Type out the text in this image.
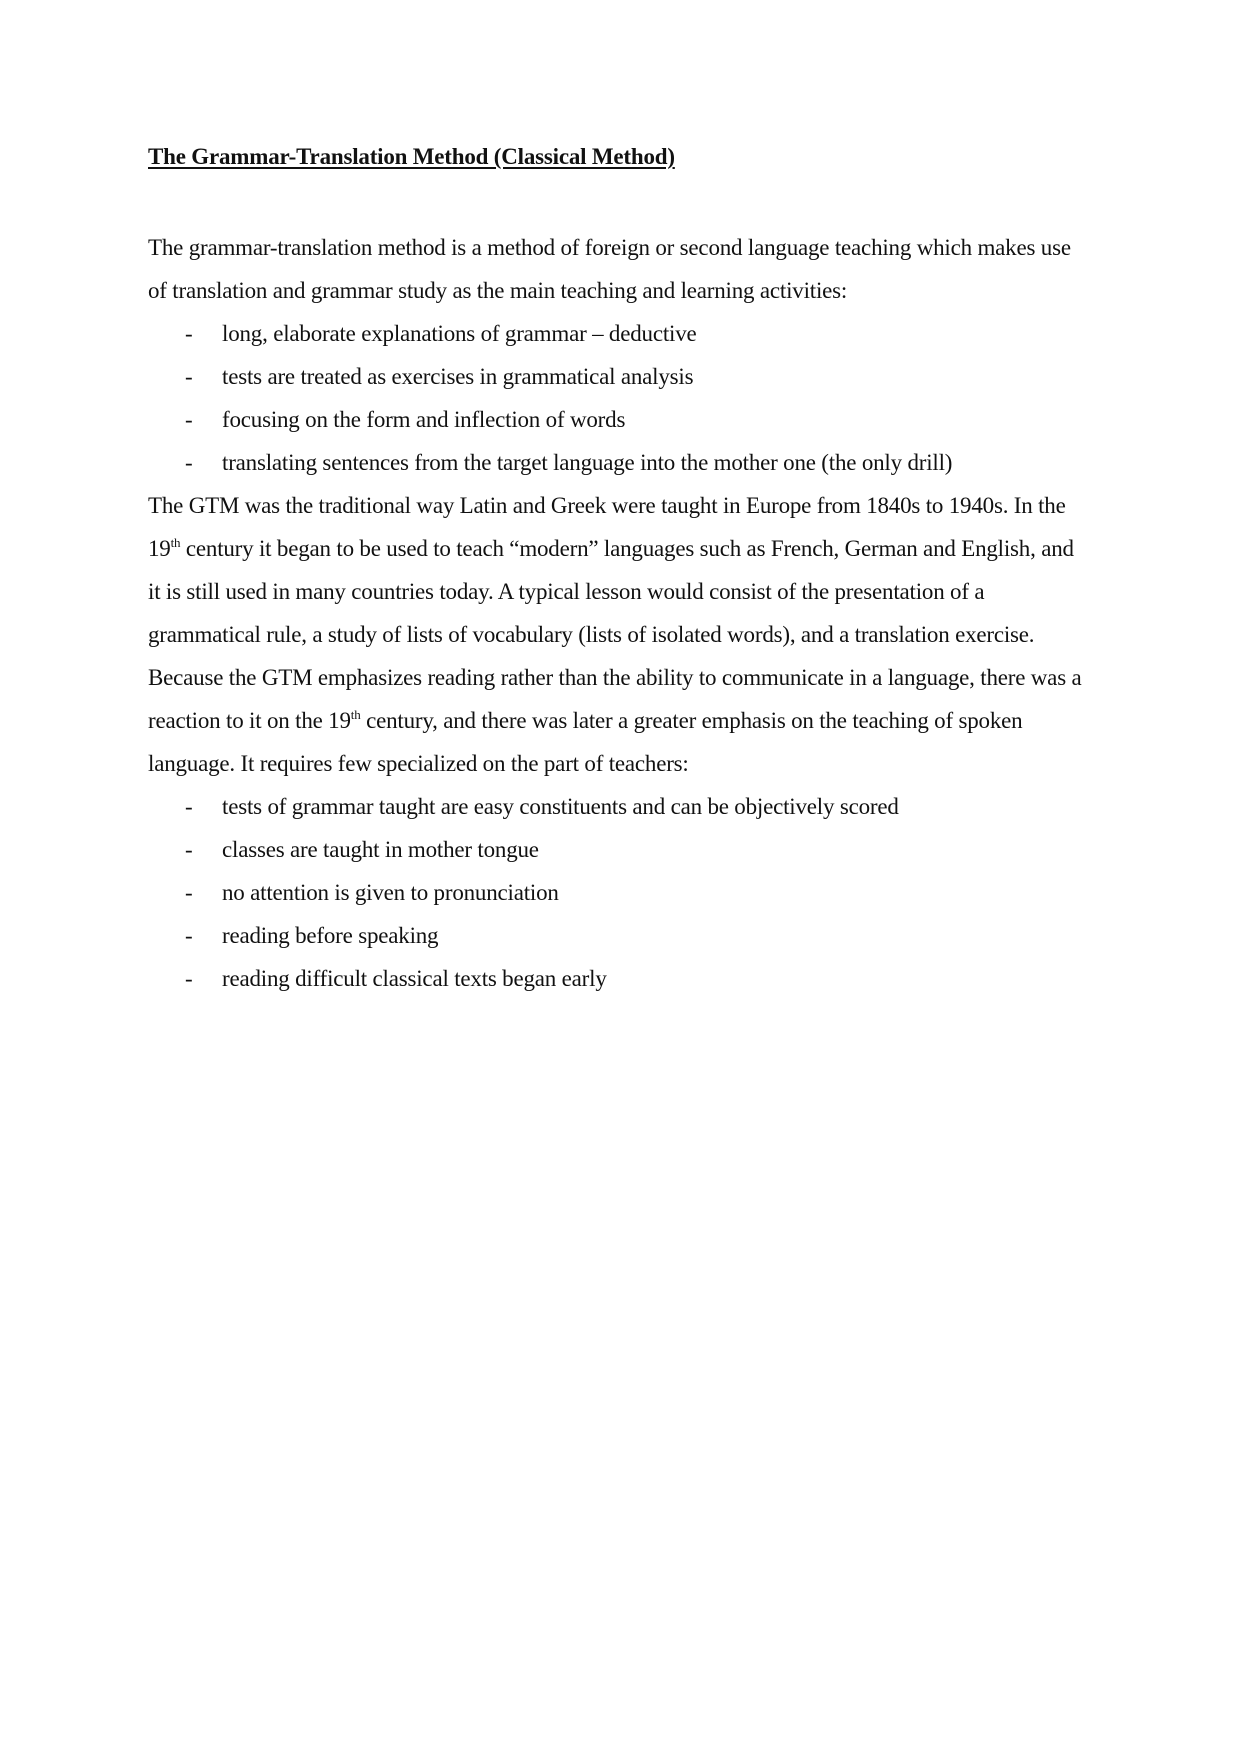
The Grammar-Translation Method (Classical Method)

The grammar-translation method is a method of foreign or second language teaching which makes use of translation and grammar study as the main teaching and learning activities:

- long, elaborate explanations of grammar – deductive
- tests are treated as exercises in grammatical analysis
- focusing on the form and inflection of words
- translating sentences from the target language into the mother one (the only drill)

The GTM was the traditional way Latin and Greek were taught in Europe from 1840s to 1940s. In the 19th century it began to be used to teach “modern” languages such as French, German and English, and it is still used in many countries today. A typical lesson would consist of the presentation of a grammatical rule, a study of lists of vocabulary (lists of isolated words), and a translation exercise. Because the GTM emphasizes reading rather than the ability to communicate in a language, there was a reaction to it on the 19th century, and there was later a greater emphasis on the teaching of spoken language. It requires few specialized on the part of teachers:

- tests of grammar taught are easy constituents and can be objectively scored
- classes are taught in mother tongue
- no attention is given to pronunciation
- reading before speaking
- reading difficult classical texts began early
